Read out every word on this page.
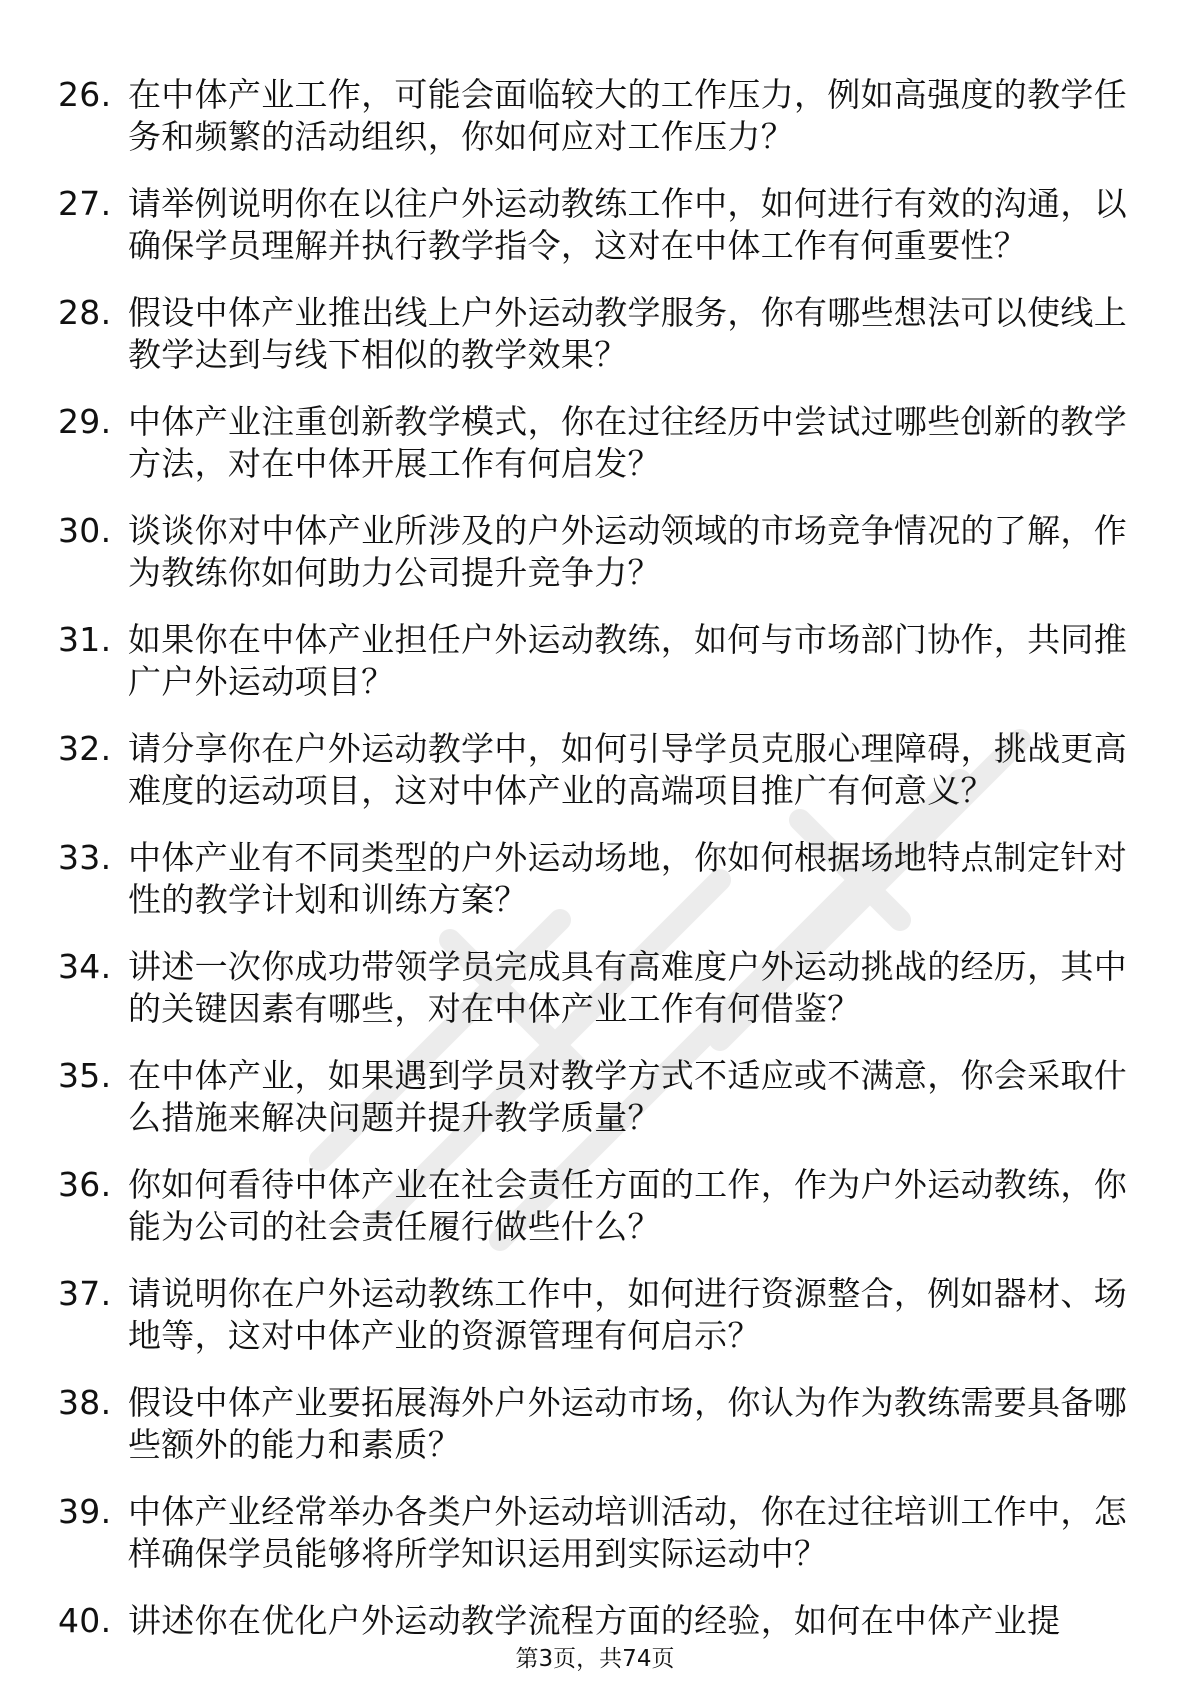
26. 在中体产业工作，可能会面临较大的工作压力，例如高强度的教学任务和频繁的活动组织，你如何应对工作压力？
27. 请举例说明你在以往户外运动教练工作中，如何进行有效的沟通，以确保学员理解并执行教学指令，这对在中体工作有何重要性？
28. 假设中体产业推出线上户外运动教学服务，你有哪些想法可以使线上教学达到与线下相似的教学效果？
29. 中体产业注重创新教学模式，你在过往经历中尝试过哪些创新的教学方法，对在中体开展工作有何启发？
30. 谈谈你对中体产业所涉及的户外运动领域的市场竞争情况的了解，作为教练你如何助力公司提升竞争力？
31. 如果你在中体产业担任户外运动教练，如何与市场部门协作，共同推广户外运动项目？
32. 请分享你在户外运动教学中，如何引导学员克服心理障碍，挑战更高难度的运动项目，这对中体产业的高端项目推广有何意义？
33. 中体产业有不同类型的户外运动场地，你如何根据场地特点制定针对性的教学计划和训练方案？
34. 讲述一次你成功带领学员完成具有高难度户外运动挑战的经历，其中的关键因素有哪些，对在中体产业工作有何借鉴？
35. 在中体产业，如果遇到学员对教学方式不适应或不满意，你会采取什么措施来解决问题并提升教学质量？
36. 你如何看待中体产业在社会责任方面的工作，作为户外运动教练，你能为公司的社会责任履行做些什么？
37. 请说明你在户外运动教练工作中，如何进行资源整合，例如器材、场地等，这对中体产业的资源管理有何启示？
38. 假设中体产业要拓展海外户外运动市场，你认为作为教练需要具备哪些额外的能力和素质？
39. 中体产业经常举办各类户外运动培训活动，你在过往培训工作中，怎样确保学员能够将所学知识运用到实际运动中？
40. 讲述你在优化户外运动教学流程方面的经验，如何在中体产业提
第3页，共74页
